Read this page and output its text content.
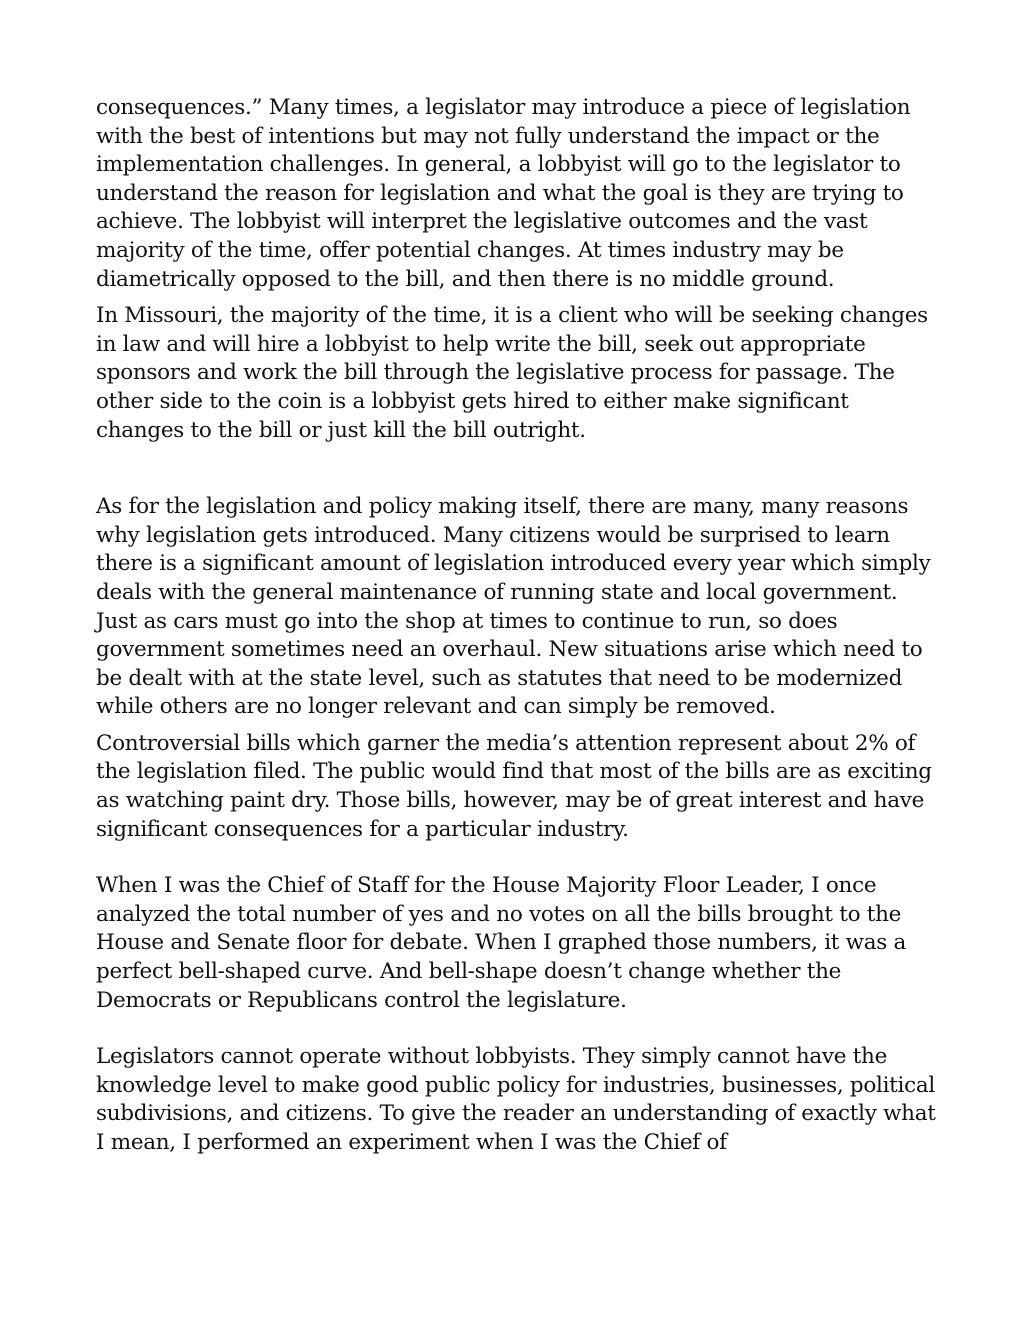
consequences.” Many times, a legislator may introduce a piece of legislation with the best of intentions but may not fully understand the impact or the implementation challenges. In general, a lobbyist will go to the legislator to understand the reason for legislation and what the goal is they are trying to achieve. The lobbyist will interpret the legislative outcomes and the vast majority of the time, offer potential changes. At times industry may be diametrically opposed to the bill, and then there is no middle ground.

In Missouri, the majority of the time, it is a client who will be seeking changes in law and will hire a lobbyist to help write the bill, seek out appropriate sponsors and work the bill through the legislative process for passage. The other side to the coin is a lobbyist gets hired to either make significant changes to the bill or just kill the bill outright.

As for the legislation and policy making itself, there are many, many reasons why legislation gets introduced. Many citizens would be surprised to learn there is a significant amount of legislation introduced every year which simply deals with the general maintenance of running state and local government. Just as cars must go into the shop at times to continue to run, so does government sometimes need an overhaul. New situations arise which need to be dealt with at the state level, such as statutes that need to be modernized while others are no longer relevant and can simply be removed.

Controversial bills which garner the media’s attention represent about 2% of the legislation filed. The public would find that most of the bills are as exciting as watching paint dry. Those bills, however, may be of great interest and have significant consequences for a particular industry.

When I was the Chief of Staff for the House Majority Floor Leader, I once analyzed the total number of yes and no votes on all the bills brought to the House and Senate floor for debate. When I graphed those numbers, it was a perfect bell-shaped curve. And bell-shape doesn’t change whether the Democrats or Republicans control the legislature.

Legislators cannot operate without lobbyists. They simply cannot have the knowledge level to make good public policy for industries, businesses, political subdivisions, and citizens. To give the reader an understanding of exactly what I mean, I performed an experiment when I was the Chief of
